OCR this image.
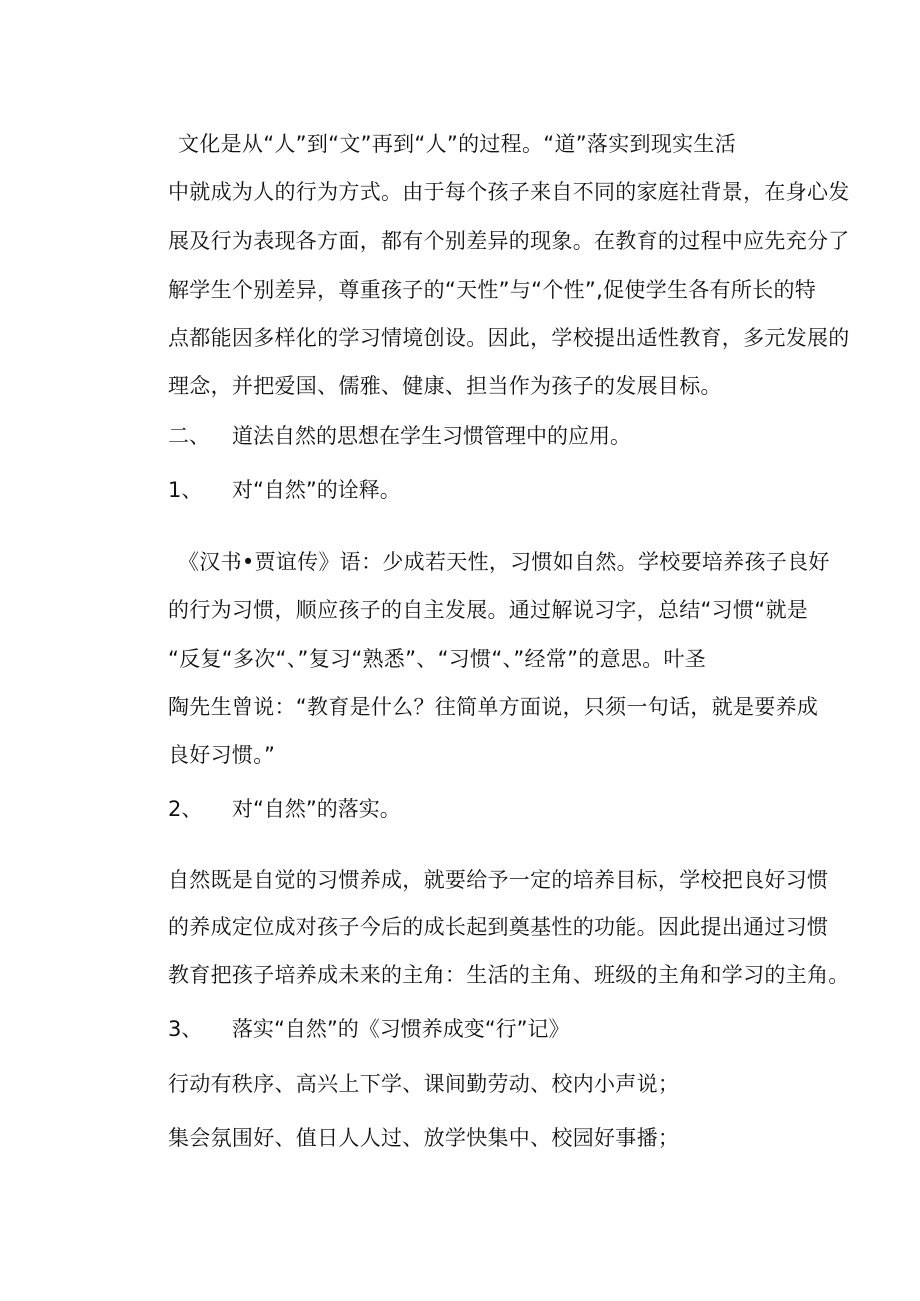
文化是从“人”到“文”再到“人”的过程。“道”落实到现实生活
中就成为人的行为方式。由于每个孩子来自不同的家庭社背景，在身心发
展及行为表现各方面，都有个别差异的现象。在教育的过程中应先充分了
解学生个别差异，尊重孩子的“天性”与“个性”,促使学生各有所长的特
点都能因多样化的学习情境创设。因此，学校提出适性教育，多元发展的
理念，并把爱国、儒雅、健康、担当作为孩子的发展目标。
二、 道法自然的思想在学生习惯管理中的应用。
1、 对“自然”的诠释。
《汉书•贾谊传》语：少成若天性，习惯如自然。学校要培养孩子良好
的行为习惯，顺应孩子的自主发展。通过解说习字，总结“习惯“就是
“反复“多次“、”复习“熟悉”、“习惯“、”经常”的意思。叶圣
陶先生曾说：“教育是什么？往简单方面说，只须一句话，就是要养成
良好习惯。”
2、 对“自然”的落实。
自然既是自觉的习惯养成，就要给予一定的培养目标，学校把良好习惯
的养成定位成对孩子今后的成长起到奠基性的功能。因此提出通过习惯
教育把孩子培养成未来的主角：生活的主角、班级的主角和学习的主角。
3、 落实“自然”的《习惯养成变“行”记》
行动有秩序、高兴上下学、课间勤劳动、校内小声说；
集会氛围好、值日人人过、放学快集中、校园好事播；
